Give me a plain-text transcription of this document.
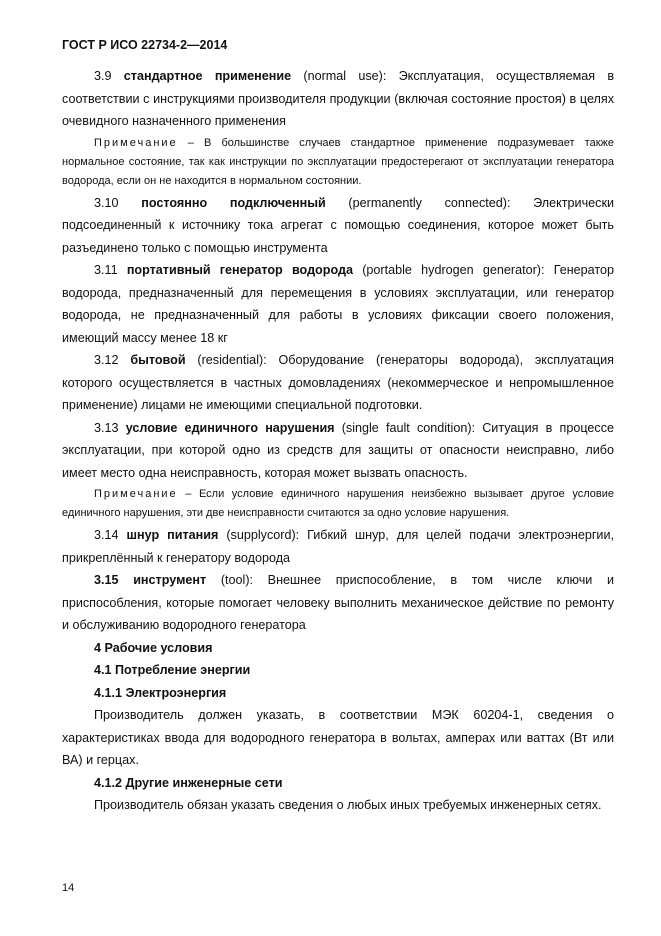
ГОСТ Р ИСО 22734-2—2014

3.9 стандартное применение (normal use): Эксплуатация, осуществляемая в соответствии с инструкциями производителя продукции (включая состояние простоя) в целях очевидного назначенного применения

Примечание – В большинстве случаев стандартное применение подразумевает также нормальное состояние, так как инструкции по эксплуатации предостерегают от эксплуатации генератора водорода, если он не находится в нормальном состоянии.

3.10 постоянно подключенный (permanently connected): Электрически подсоединенный к источнику тока агрегат с помощью соединения, которое может быть разъединено только с помощью инструмента

3.11 портативный генератор водорода (portable hydrogen generator): Генератор водорода, предназначенный для перемещения в условиях эксплуатации, или генератор водорода, не предназначенный для работы в условиях фиксации своего положения, имеющий массу менее 18 кг

3.12 бытовой (residential): Оборудование (генераторы водорода), эксплуатация которого осуществляется в частных домовладениях (некоммерческое и непромышленное применение) лицами не имеющими специальной подготовки.

3.13 условие единичного нарушения (single fault condition): Ситуация в процессе эксплуатации, при которой одно из средств для защиты от опасности неисправно, либо имеет место одна неисправность, которая может вызвать опасность.

Примечание – Если условие единичного нарушения неизбежно вызывает другое условие единичного нарушения, эти две неисправности считаются за одно условие нарушения.

3.14 шнур питания (supplycord): Гибкий шнур, для целей подачи электроэнергии, прикреплённый к генератору водорода

3.15 инструмент (tool): Внешнее приспособление, в том числе ключи и приспособления, которые помогает человеку выполнить механическое действие по ремонту и обслуживанию водородного генератора

4 Рабочие условия

4.1 Потребление энергии

4.1.1 Электроэнергия

Производитель должен указать, в соответствии МЭК 60204-1, сведения о характеристиках ввода для водородного генератора в вольтах, амперах или ваттах (Вт или ВА) и герцах.

4.1.2 Другие инженерные сети

Производитель обязан указать сведения о любых иных требуемых инженерных сетях.

14
